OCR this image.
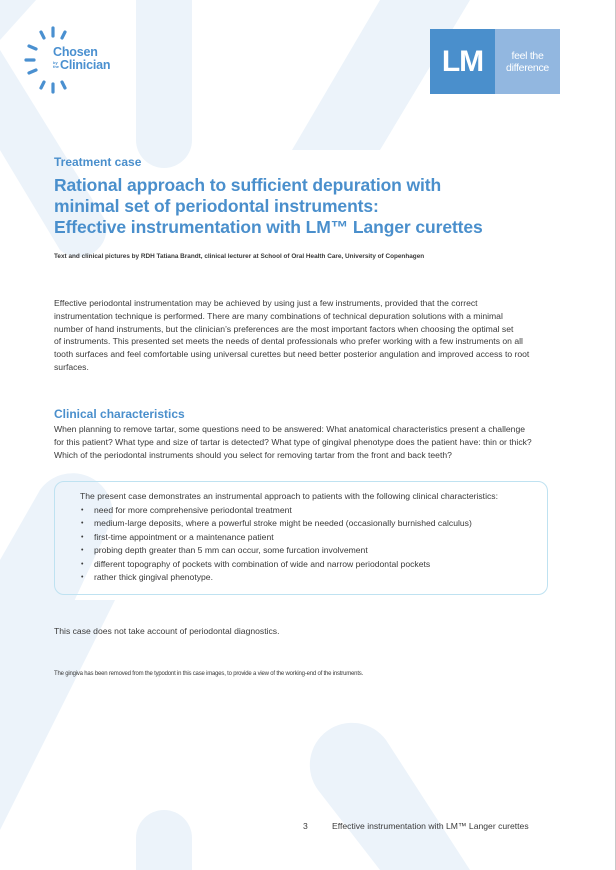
Chosen
by the Clinician	LM	feel the
difference
Treatment case
Rational approach to sufficient depuration with
minimal set of periodontal instruments:
Effective instrumentation with LM™ Langer curettes
Text and clinical pictures by RDH Tatiana Brandt, clinical lecturer at School of Oral Health Care, University of Copenhagen

Effective periodontal instrumentation may be achieved by using just a few instruments, provided that the correct
instrumentation technique is performed. There are many combinations of technical depuration solutions with a minimal
number of hand instruments, but the clinician’s preferences are the most important factors when choosing the optimal set
of instruments. This presented set meets the needs of dental professionals who prefer working with a few instruments on all
tooth surfaces and feel comfortable using universal curettes but need better posterior angulation and improved access to root
surfaces.

Clinical characteristics

When planning to remove tartar, some questions need to be answered: What anatomical characteristics present a challenge
for this patient? What type and size of tartar is detected? What type of gingival phenotype does the patient have: thin or thick?
Which of the periodontal instruments should you select for removing tartar from the front and back teeth?

The present case demonstrates an instrumental approach to patients with the following clinical characteristics:
•	need for more comprehensive periodontal treatment
•	medium-large deposits, where a powerful stroke might be needed (occasionally burnished calculus)
•	first-time appointment or a maintenance patient
•	probing depth greater than 5 mm can occur, some furcation involvement
•	different topography of pockets with combination of wide and narrow periodontal pockets
•	rather thick gingival phenotype.
This case does not take account of periodontal diagnostics.
The gingiva has been removed from the typodont in this case images, to provide a view of the working-end of the instruments.
3	Effective instrumentation with LM™ Langer curettes
